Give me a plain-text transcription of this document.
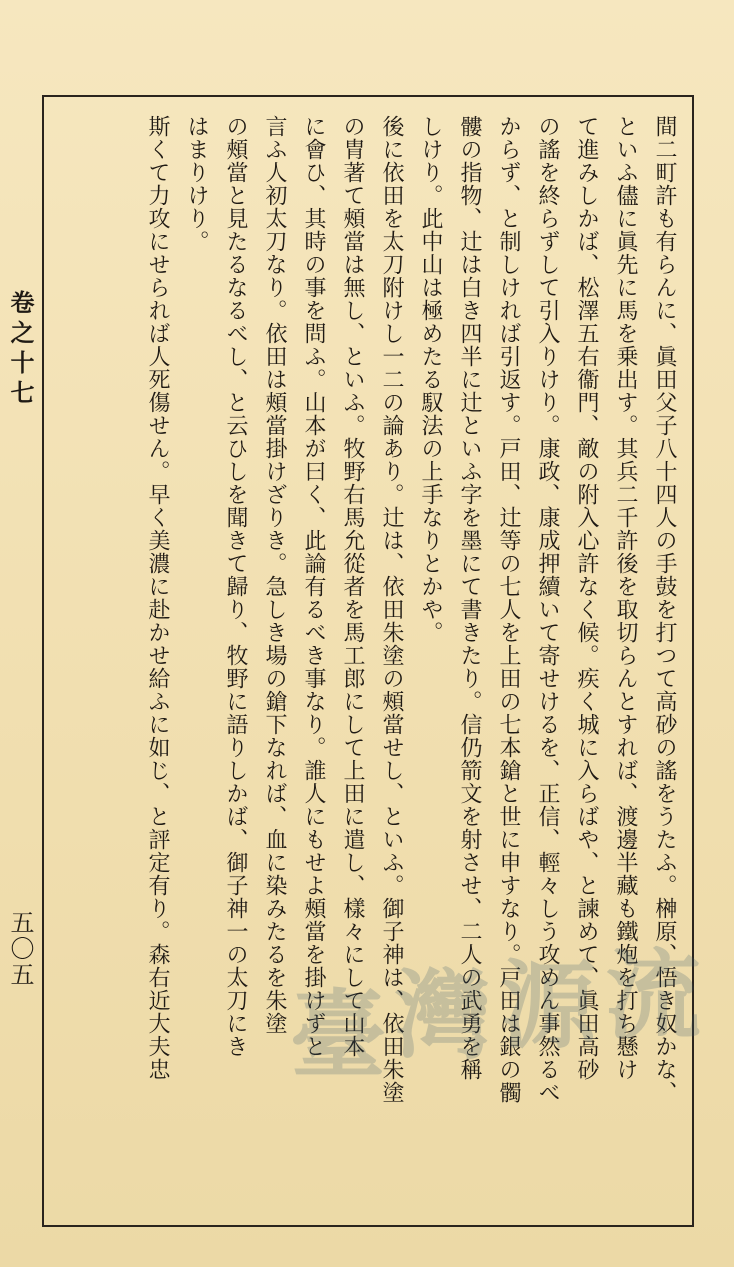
間二町許も有らんに、眞田父子八十四人の手鼓を打つて高砂の謠をうたふ。榊原、悟き奴かな、

といふ儘に眞先に馬を乗出す。其兵二千許後を取切らんとすれば、渡邊半藏も鐵炮を打ち懸け

て進みしかば、松澤五右衞門、敵の附入心許なく候。疾く城に入らばや、と諫めて、眞田高砂

の謠を終らずして引入りけり。康政、康成押續いて寄せけるを、正信、輕々しう攻めん事然るべ

からず、と制しければ引返す。戸田、辻等の七人を上田の七本鎗と世に申すなり。戸田は銀の髑

髏の指物、辻は白き四半に辻といふ字を墨にて書きたり。信仍箭文を射させ、二人の武勇を稱

しけり。此中山は極めたる馭法の上手なりとかや。

後に依田を太刀附けし一二の論あり。辻は、依田朱塗の頰當せし、といふ。御子神は、依田朱塗

の胄著て頰當は無し、といふ。牧野右馬允從者を馬工郎にして上田に遣し、樣々にして山本

に會ひ、其時の事を問ふ。山本が曰く、此論有るべき事なり。誰人にもせよ頰當を掛けずと

言ふ人初太刀なり。依田は頰當掛けざりき。急しき場の鎗下なれば、血に染みたるを朱塗

の頰當と見たるなるべし、と云ひしを聞きて歸り、牧野に語りしかば、御子神一の太刀にき

はまりけり。

斯くて力攻にせられば人死傷せん。早く美濃に赴かせ給ふに如じ、と評定有り。森右近大夫忠

卷之十七
五〇五
臺 灣 源 流
